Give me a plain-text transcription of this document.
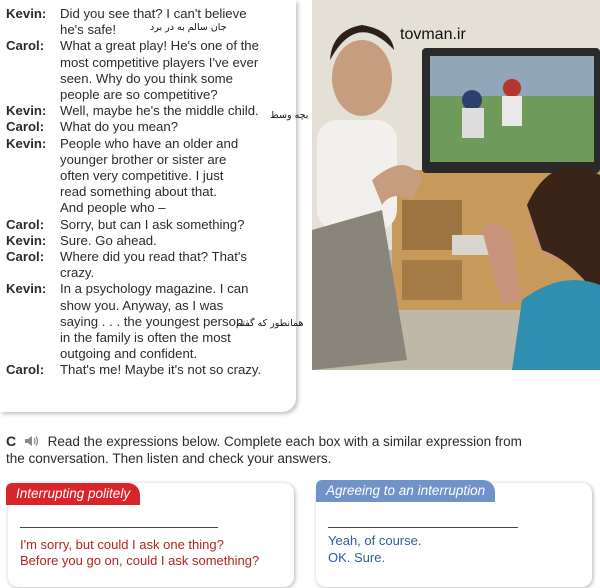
Kevin: Did you see that? I can't believe
he's safe!
Carol: What a great play! He's one of the
most competitive players I've ever
seen. Why do you think some
people are so competitive?
Kevin: Well, maybe he's the middle child.
Carol: What do you mean?
Kevin: People who have an older and
younger brother or sister are
often very competitive. I just
read something about that.
And people who –
Carol: Sorry, but can I ask something?
Kevin: Sure. Go ahead.
Carol: Where did you read that? That's
crazy.
Kevin: In a psychology magazine. I can
show you. Anyway, as I was
saying . . . the youngest person
in the family is often the most
outgoing and confident.
Carol: That's me! Maybe it's not so crazy.
جان سالم به در برد
بچه وسط
همانطور که گفتم
C Read the expressions below. Complete each box with a similar expression from
the conversation. Then listen and check your answers.
Interrupting politely
I'm sorry, but could I ask one thing?
Before you go on, could I ask something?
Agreeing to an interruption
Yeah, of course.
OK. Sure.
tovman.ir
